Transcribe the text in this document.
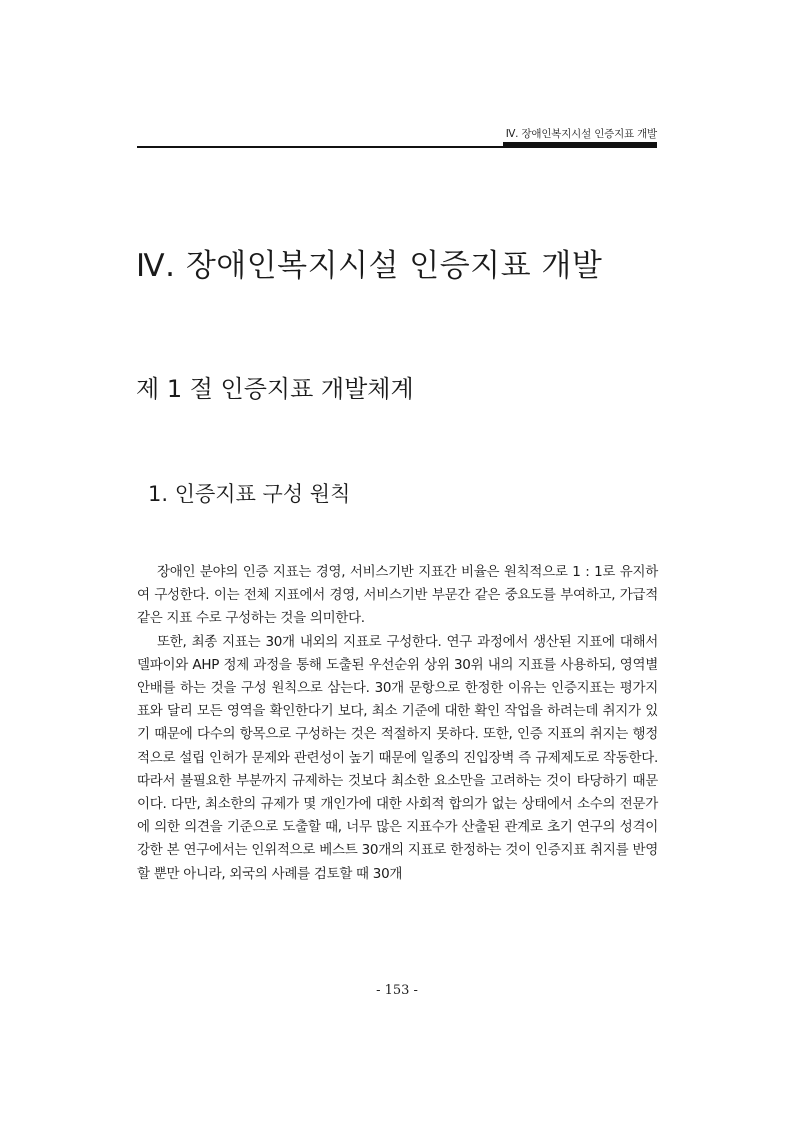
Ⅳ. 장애인복지시설 인증지표 개발
Ⅳ. 장애인복지시설 인증지표 개발
제 1 절 인증지표 개발체계
1. 인증지표 구성 원칙

장애인 분야의 인증 지표는 경영, 서비스기반 지표간 비율은 원칙적으로 1 : 1로 유지하여 구성한다. 이는 전체 지표에서 경영, 서비스기반 부문간 같은 중요도를 부여하고, 가급적 같은 지표 수로 구성하는 것을 의미한다.

또한, 최종 지표는 30개 내외의 지표로 구성한다. 연구 과정에서 생산된 지표에 대해서 델파이와 AHP 정제 과정을 통해 도출된 우선순위 상위 30위 내의 지표를 사용하되, 영역별 안배를 하는 것을 구성 원칙으로 삼는다. 30개 문항으로 한정한 이유는 인증지표는 평가지표와 달리 모든 영역을 확인한다기 보다, 최소 기준에 대한 확인 작업을 하려는데 취지가 있기 때문에 다수의 항목으로 구성하는 것은 적절하지 못하다. 또한, 인증 지표의 취지는 행정적으로 설립 인허가 문제와 관련성이 높기 때문에 일종의 진입장벽 즉 규제제도로 작동한다. 따라서 불필요한 부분까지 규제하는 것보다 최소한 요소만을 고려하는 것이 타당하기 때문이다. 다만, 최소한의 규제가 몇 개인가에 대한 사회적 합의가 없는 상태에서 소수의 전문가에 의한 의견을 기준으로 도출할 때, 너무 많은 지표수가 산출된 관계로 초기 연구의 성격이 강한 본 연구에서는 인위적으로 베스트 30개의 지표로 한정하는 것이 인증지표 취지를 반영할 뿐만 아니라, 외국의 사례를 검토할 때 30개

- 153 -
